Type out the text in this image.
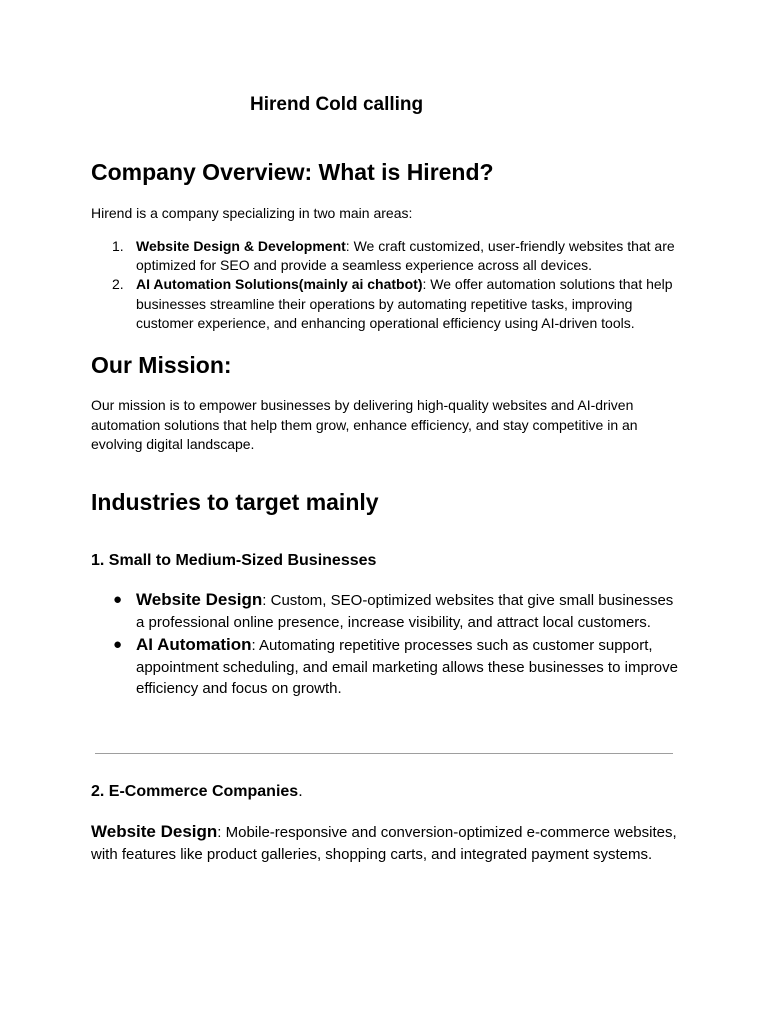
Hirend Cold calling
Company Overview: What is Hirend?

Hirend is a company specializing in two main areas:

1. Website Design & Development: We craft customized, user-friendly websites that are optimized for SEO and provide a seamless experience across all devices.
2. AI Automation Solutions(mainly ai chatbot): We offer automation solutions that help businesses streamline their operations by automating repetitive tasks, improving customer experience, and enhancing operational efficiency using AI-driven tools.
Our Mission:

Our mission is to empower businesses by delivering high-quality websites and AI-driven automation solutions that help them grow, enhance efficiency, and stay competitive in an evolving digital landscape.

Industries to target mainly
1. Small to Medium-Sized Businesses
● Website Design: Custom, SEO-optimized websites that give small businesses a professional online presence, increase visibility, and attract local customers.
● AI Automation: Automating repetitive processes such as customer support, appointment scheduling, and email marketing allows these businesses to improve efficiency and focus on growth.
2. E-Commerce Companies.

Website Design: Mobile-responsive and conversion-optimized e-commerce websites, with features like product galleries, shopping carts, and integrated payment systems.
